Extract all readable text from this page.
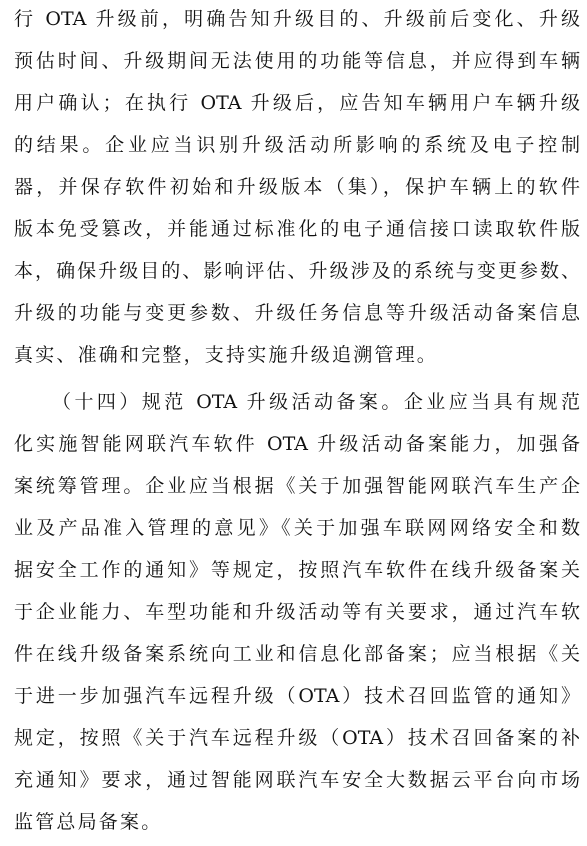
行 OTA 升级前，明确告知升级目的、升级前后变化、升级
预估时间、升级期间无法使用的功能等信息，并应得到车辆
用户确认；在执行 OTA 升级后，应告知车辆用户车辆升级
的结果。企业应当识别升级活动所影响的系统及电子控制
器，并保存软件初始和升级版本（集），保护车辆上的软件
版本免受篡改，并能通过标准化的电子通信接口读取软件版
本，确保升级目的、影响评估、升级涉及的系统与变更参数、
升级的功能与变更参数、升级任务信息等升级活动备案信息
真实、准确和完整，支持实施升级追溯管理。
（十四）规范 OTA 升级活动备案。企业应当具有规范
化实施智能网联汽车软件 OTA 升级活动备案能力，加强备
案统筹管理。企业应当根据《关于加强智能网联汽车生产企
业及产品准入管理的意见》《关于加强车联网网络安全和数
据安全工作的通知》等规定，按照汽车软件在线升级备案关
于企业能力、车型功能和升级活动等有关要求，通过汽车软
件在线升级备案系统向工业和信息化部备案；应当根据《关
于进一步加强汽车远程升级（OTA）技术召回监管的通知》
规定，按照《关于汽车远程升级（OTA）技术召回备案的补
充通知》要求，通过智能网联汽车安全大数据云平台向市场
监管总局备案。
